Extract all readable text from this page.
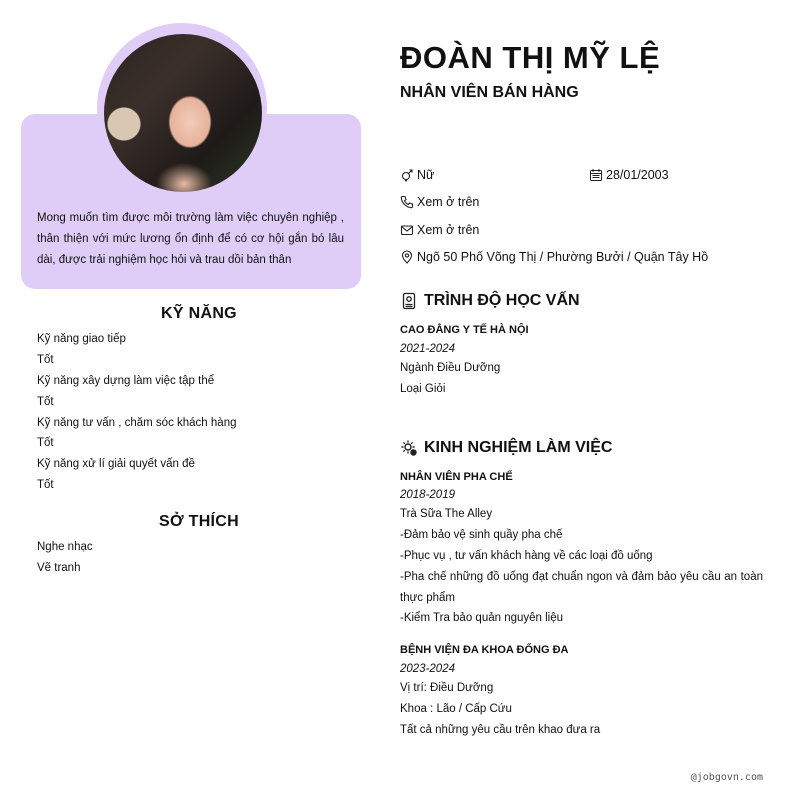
Mong muốn tìm được môi trường làm việc chuyên nghiệp , thân thiện với mức lương ổn định để có cơ hội gắn bó lâu dài, được trải nghiệm học hỏi và trau dồi bản thân
KỸ NĂNG
Kỹ năng giao tiếp
Tốt
Kỹ năng xây dựng làm việc tập thể
Tốt
Kỹ năng tư vấn , chăm sóc khách hàng
Tốt
Kỹ năng xử lí giải quyết vấn đề
Tốt
SỞ THÍCH
Nghe nhạc
Vẽ tranh
ĐOÀN THỊ MỸ LỆ
NHÂN VIÊN BÁN HÀNG
Nữ	28/01/2003
Xem ở trên
Xem ở trên
Ngõ 50 Phố Võng Thị / Phường Bưởi / Quận Tây Hồ
TRÌNH ĐỘ HỌC VẤN
CAO ĐẲNG Y TẾ HÀ NỘI
2021-2024
Ngành Điều Dưỡng
Loại Giỏi
KINH NGHIỆM LÀM VIỆC
NHÂN VIÊN PHA CHẾ
2018-2019
Trà Sữa The Alley
-Đảm bảo vệ sinh quầy pha chế
-Phục vụ , tư vấn khách hàng về các loại đồ uống
-Pha chế những đồ uống đạt chuẩn ngon và đảm bảo yêu cầu an toàn thực phẩm
-Kiểm Tra bảo quản nguyên liệu
BỆNH VIỆN ĐA KHOA ĐỐNG ĐA
2023-2024
Vị trí: Điều Dưỡng
Khoa : Lão / Cấp Cứu
Tất cả những yêu cầu trên khao đưa ra
@jobgovn.com
